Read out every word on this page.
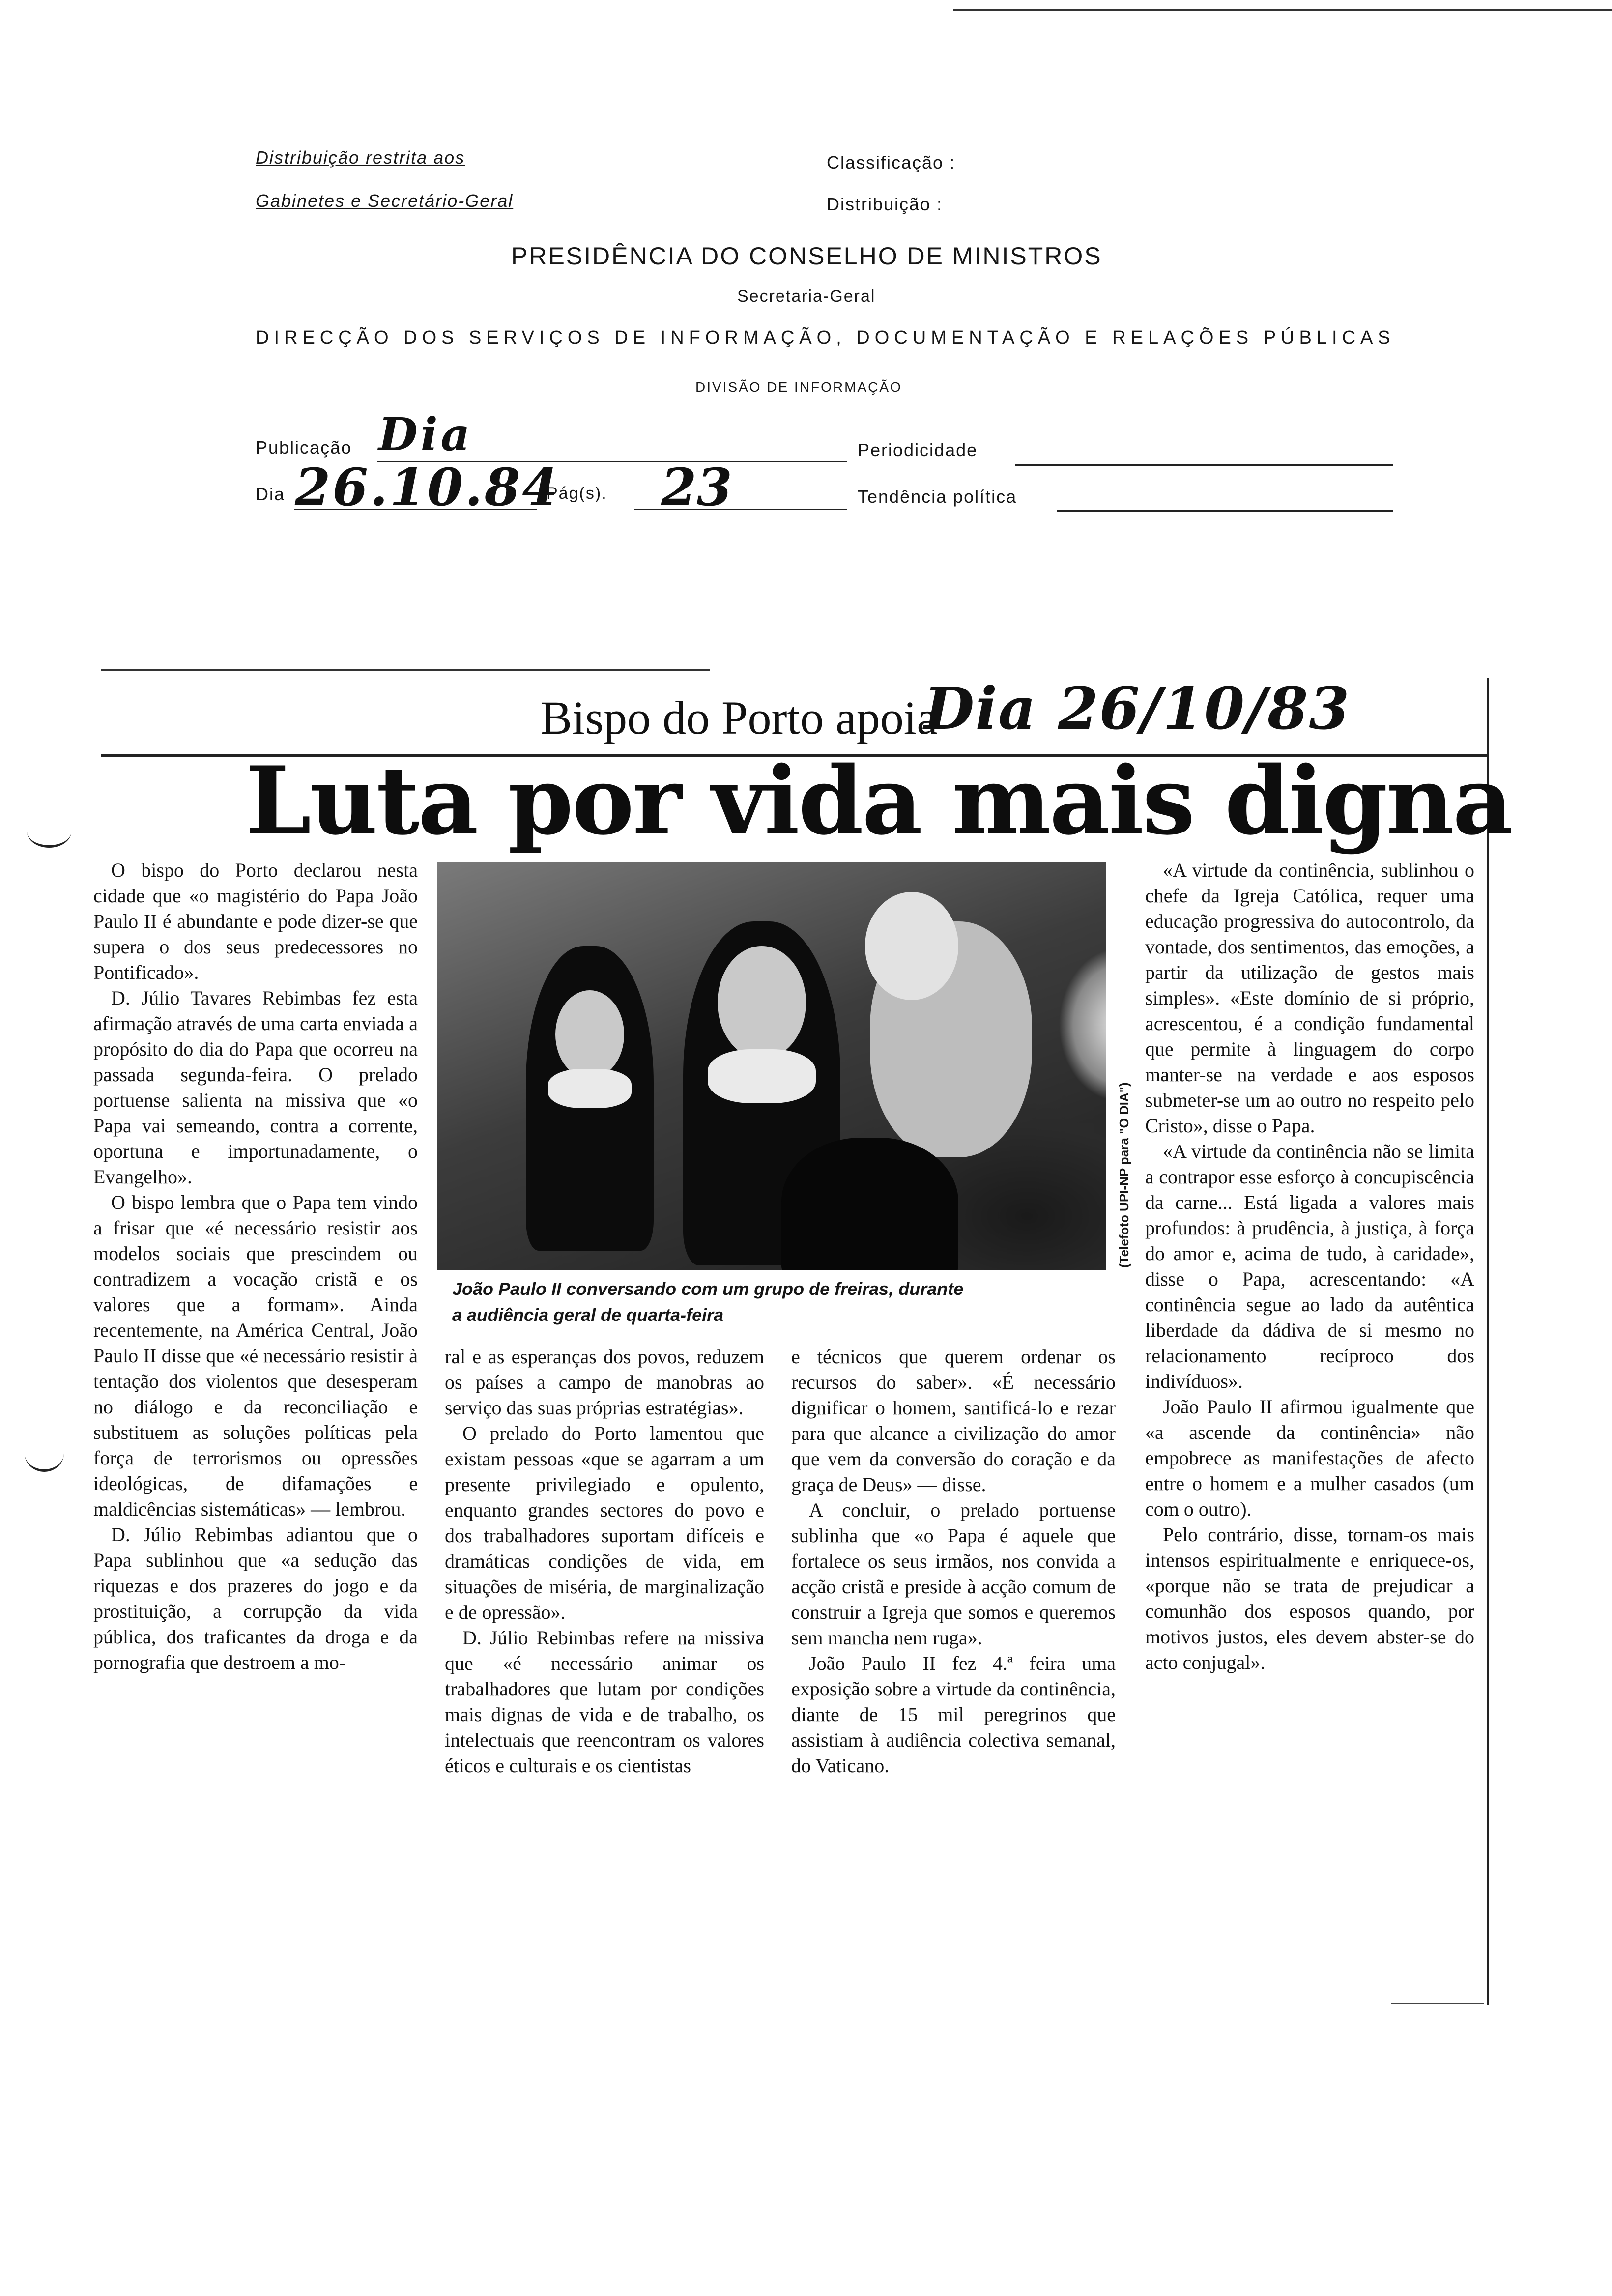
Distribuição restrita aos
Gabinetes e Secretário-Geral
Classificação :
Distribuição :
PRESIDÊNCIA DO CONSELHO DE MINISTROS
Secretaria-Geral
DIRECÇÃO DOS SERVIÇOS DE INFORMAÇÃO, DOCUMENTAÇÃO E RELAÇÕES PÚBLICAS
DIVISÃO DE INFORMAÇÃO
Publicação Dia
Dia 26.10.84
Pág(s). 23
Periodicidade
Tendência política
Bispo do Porto apoia
Dia 26/10/83
Luta por vida mais digna

O bispo do Porto declarou nesta cidade que «o magistério do Papa João Paulo II é abundante e pode dizer-se que supera o dos seus predecessores no Pontificado».

D. Júlio Tavares Rebimbas fez esta afirmação através de uma carta enviada a propósito do dia do Papa que ocorreu na passada segunda-feira. O prelado portuense salienta na missiva que «o Papa vai semeando, contra a corrente, oportuna e importunadamente, o Evangelho».

O bispo lembra que o Papa tem vindo a frisar que «é necessário resistir aos modelos sociais que prescindem ou contradizem a vocação cristã e os valores que a formam». Ainda recentemente, na América Central, João Paulo II disse que «é necessário resistir à tentação dos violentos que desesperam no diálogo e da reconciliação e substituem as soluções políticas pela força de terrorismos ou opressões ideológicas, de difamações e maldicências sistemáticas» — lembrou.

D. Júlio Rebimbas adiantou que o Papa sublinhou que «a sedução das riquezas e dos prazeres do jogo e da prostituição, a corrupção da vida pública, dos traficantes da droga e da pornografia que destroem a mo-

(Telefoto UPI-NP para "O DIA")
João Paulo II conversando com um grupo de freiras, durante
a audiência geral de quarta-feira

ral e as esperanças dos povos, reduzem os países a campo de manobras ao serviço das suas próprias estratégias».

O prelado do Porto lamentou que existam pessoas «que se agarram a um presente privilegiado e opulento, enquanto grandes sectores do povo e dos trabalhadores suportam difíceis e dramáticas condições de vida, em situações de miséria, de marginalização e de opressão».

D. Júlio Rebimbas refere na missiva que «é necessário animar os trabalhadores que lutam por condições mais dignas de vida e de trabalho, os intelectuais que reencontram os valores éticos e culturais e os cientistas

e técnicos que querem ordenar os recursos do saber». «É necessário dignificar o homem, santificá-lo e rezar para que alcance a civilização do amor que vem da conversão do coração e da graça de Deus» — disse.

A concluir, o prelado portuense sublinha que «o Papa é aquele que fortalece os seus irmãos, nos convida a acção cristã e preside à acção comum de construir a Igreja que somos e queremos sem mancha nem ruga».

João Paulo II fez 4.ª feira uma exposição sobre a virtude da continência, diante de 15 mil peregrinos que assistiam à audiência colectiva semanal, do Vaticano.

«A virtude da continência, sublinhou o chefe da Igreja Católica, requer uma educação progressiva do autocontrolo, da vontade, dos sentimentos, das emoções, a partir da utilização de gestos mais simples». «Este domínio de si próprio, acrescentou, é a condição fundamental que permite à linguagem do corpo manter-se na verdade e aos esposos submeter-se um ao outro no respeito pelo Cristo», disse o Papa.

«A virtude da continência não se limita a contrapor esse esforço à concupiscência da carne... Está ligada a valores mais profundos: à prudência, à justiça, à força do amor e, acima de tudo, à caridade», disse o Papa, acrescentando: «A continência segue ao lado da autêntica liberdade da dádiva de si mesmo no relacionamento recíproco dos indivíduos».

João Paulo II afirmou igualmente que «a ascende da continência» não empobrece as manifestações de afecto entre o homem e a mulher casados (um com o outro).

Pelo contrário, disse, tornam-os mais intensos espiritualmente e enriquece-os, «porque não se trata de prejudicar a comunhão dos esposos quando, por motivos justos, eles devem abster-se do acto conjugal».
